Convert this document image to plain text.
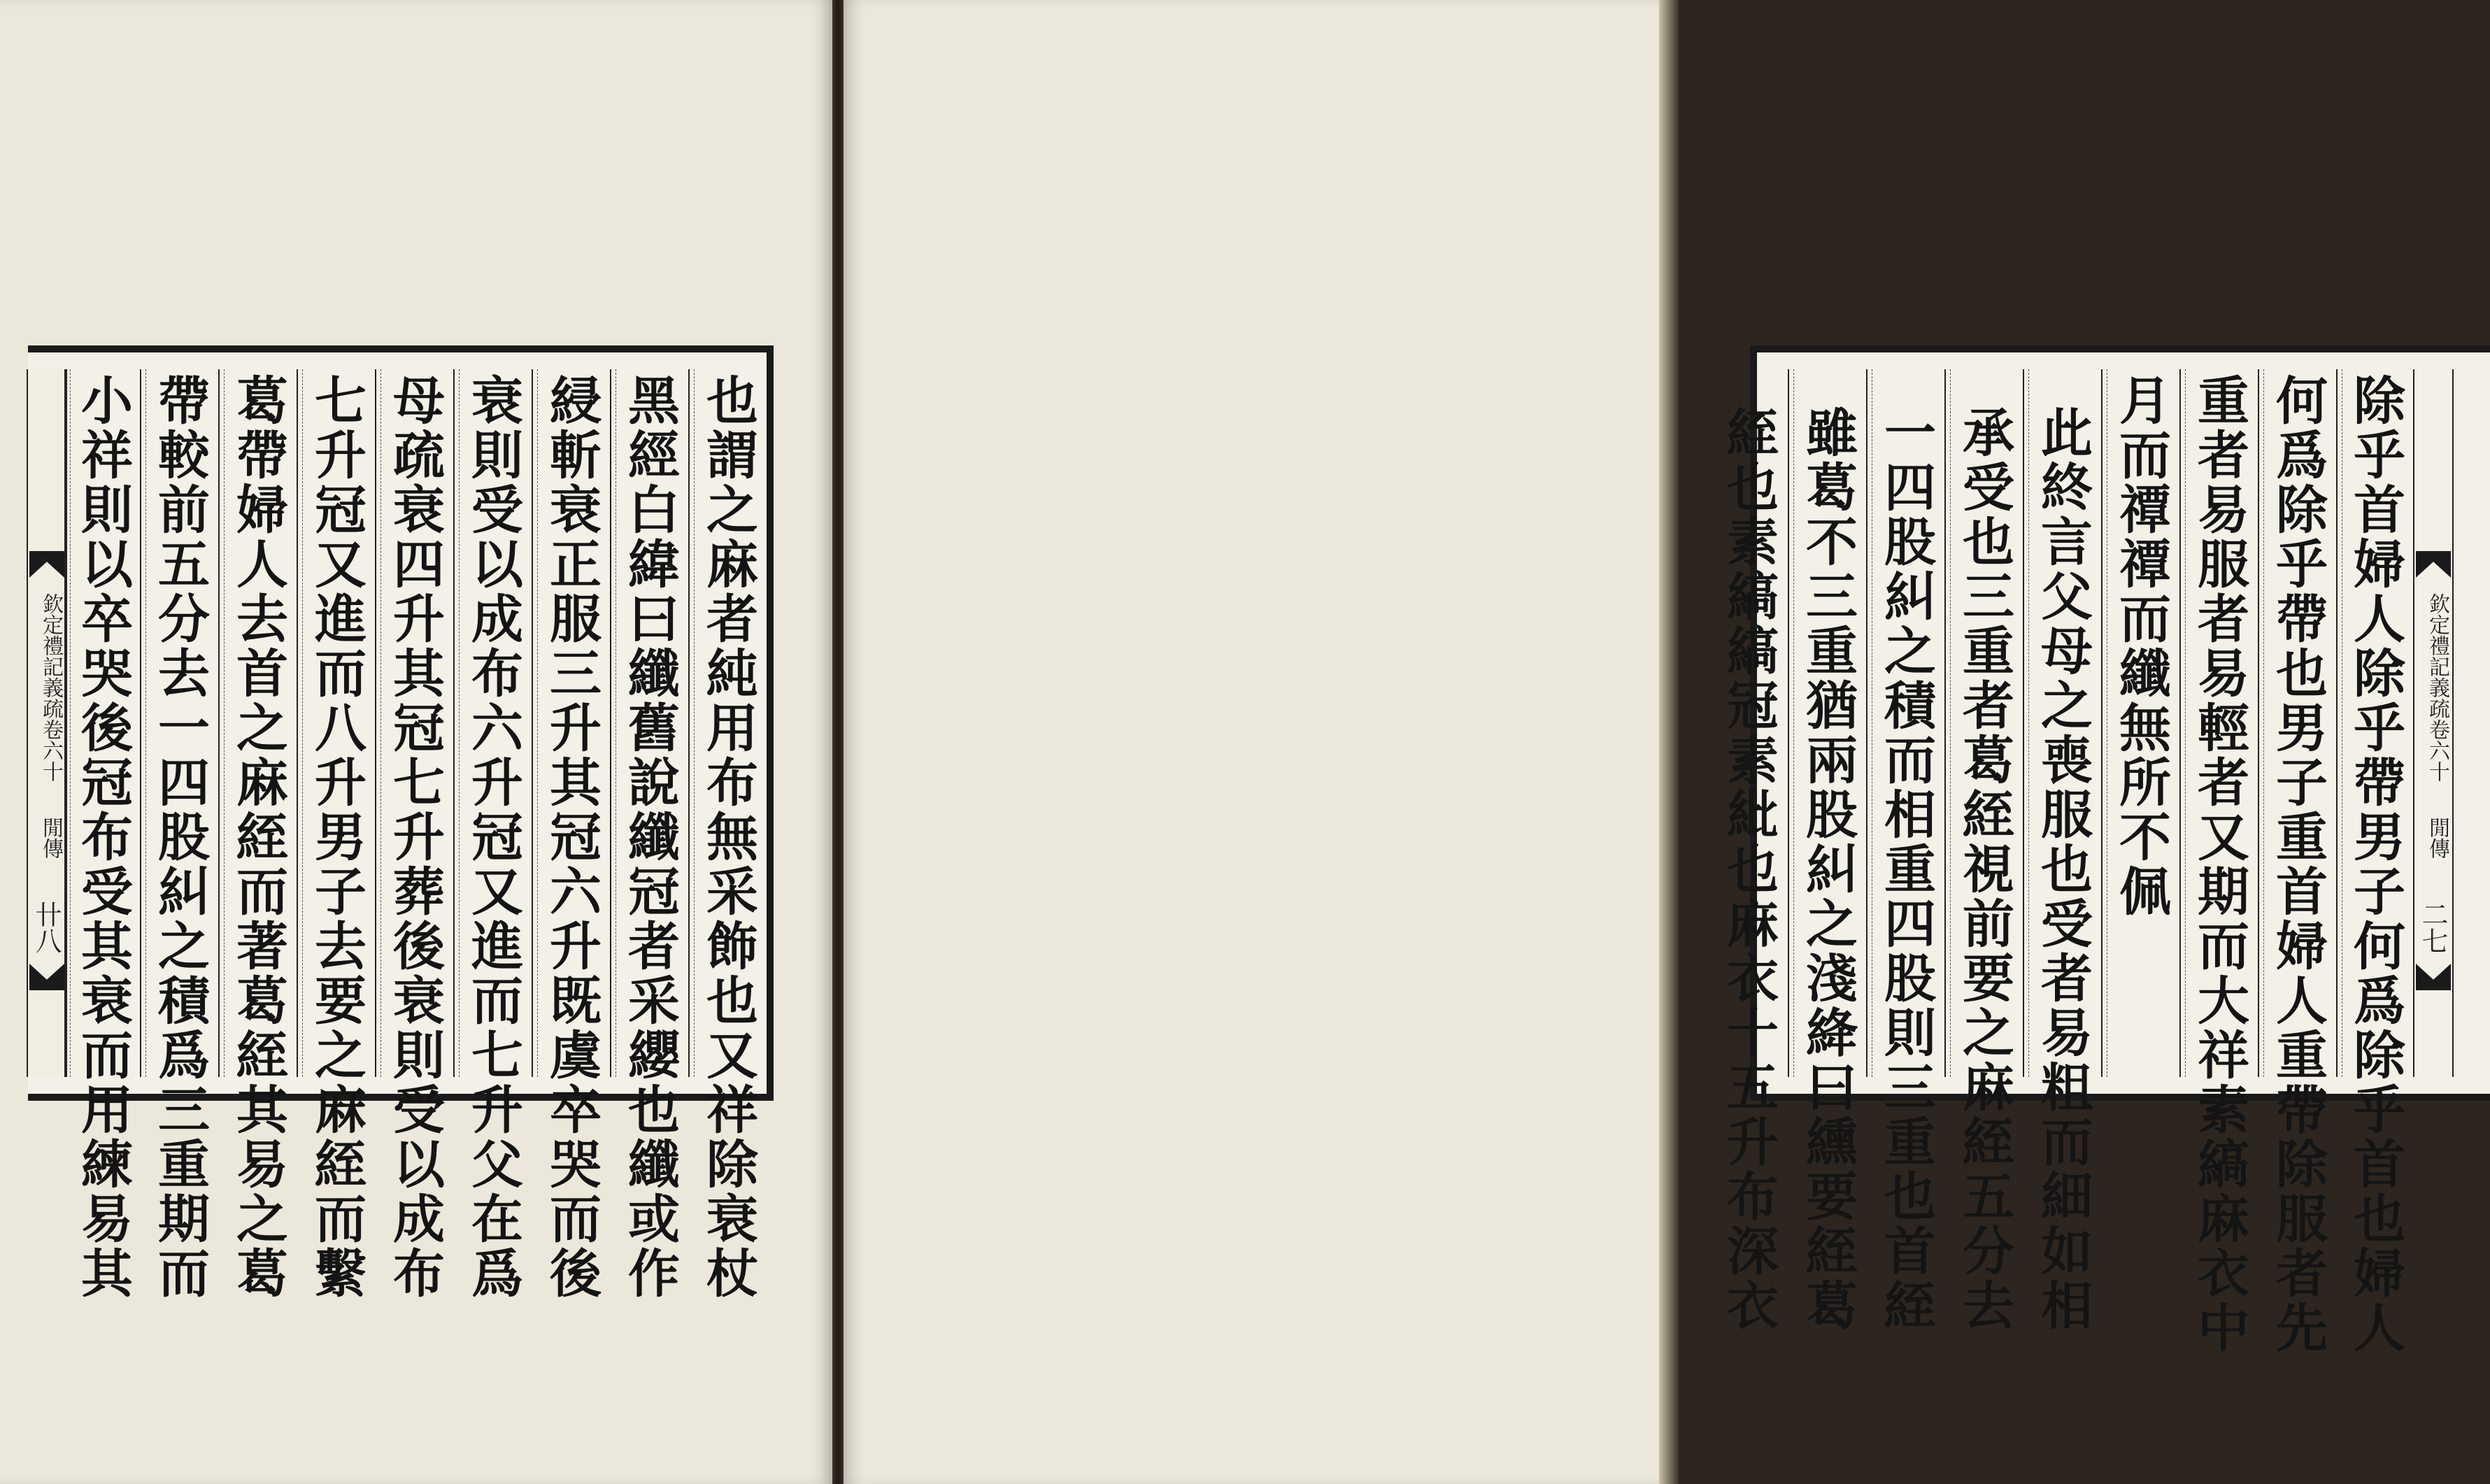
欽定禮記義疏卷六十
閒傳
卄八	也謂之麻者純用布無采飾也又祥除衰杖
黑經白緯曰纖舊說纖冠者采纓也纖或作
綅斬衰正服三升其冠六升既虞卒哭而後
衰則受以成布六升冠又進而七升父在爲
母疏衰四升其冠七升葬後衰則受以成布
七升冠又進而八升男子去要之麻絰而繫
葛帶婦人去首之麻絰而著葛絰其易之葛
帶較前五分去一四股糾之積爲三重期而
小祥則以卒哭後冠布受其衰而用練易其	欽定禮記義疏卷六十
閒傳
二七
除乎首婦人除乎帶男子何爲除乎首也婦人
何爲除乎帶也男子重首婦人重帶除服者先
重者易服者易輕者又期而大祥素縞麻衣中
月而禫禫而纖無所不佩
此終言父母之喪服也受者易粗而細如相
承受也三重者葛絰視前要之麻絰五分去
一四股糾之積而相重四股則三重也首絰
雖葛不三重猶兩股糾之淺絳曰纁要絰葛
絰也素縞縞冠素紕也麻衣十五升布深衣
